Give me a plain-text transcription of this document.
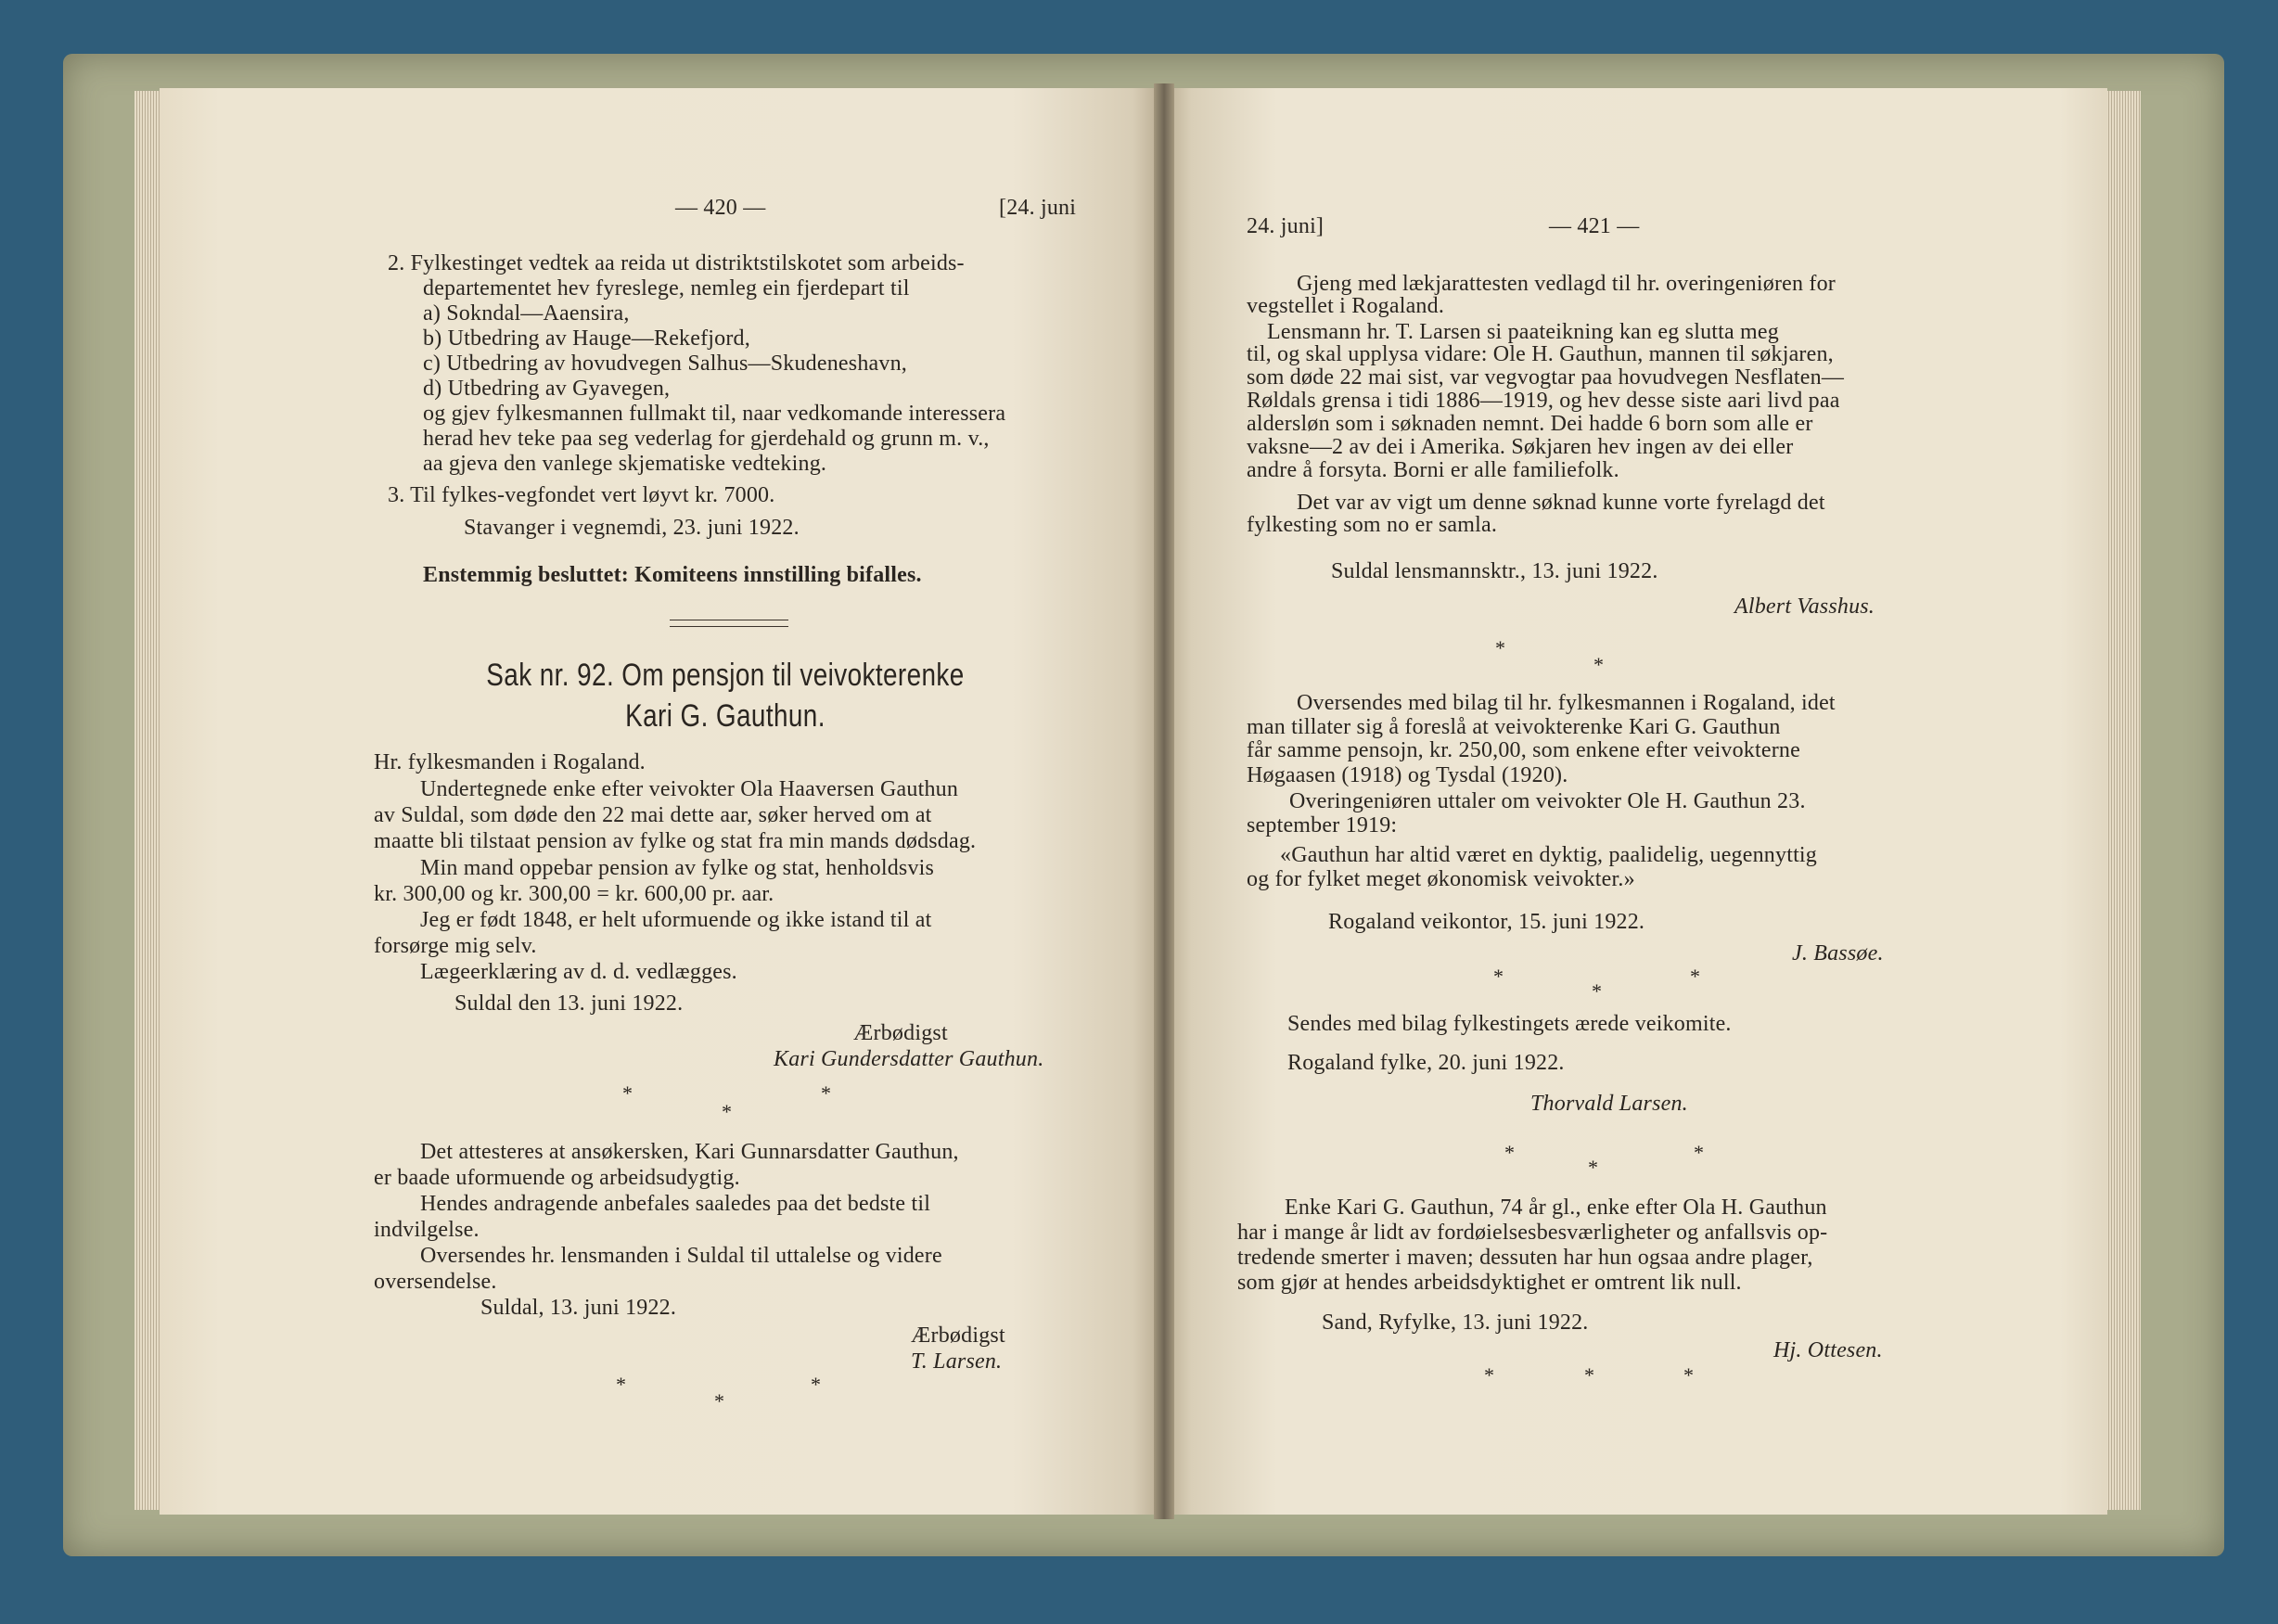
— 420 —	[24. juni
2. Fylkestinget vedtek aa reida ut distriktstilskotet som arbeids-
departementet hev fyreslege, nemleg ein fjerdepart til
a) Sokndal—Aaensira,
b) Utbedring av Hauge—Rekefjord,
c) Utbedring av hovudvegen Salhus—Skudeneshavn,
d) Utbedring av Gyavegen,
og gjev fylkesmannen fullmakt til, naar vedkomande interessera
herad hev teke paa seg vederlag for gjerdehald og grunn m. v.,
aa gjeva den vanlege skjematiske vedteking.
3. Til fylkes-vegfondet vert løyvt kr. 7000.
Stavanger i vegnemdi, 23. juni 1922.
Enstemmig besluttet: Komiteens innstilling bifalles.
Sak nr. 92. Om pensjon til veivokterenke
Kari G. Gauthun.
Hr. fylkesmanden i Rogaland.
Undertegnede enke efter veivokter Ola Haaversen Gauthun
av Suldal, som døde den 22 mai dette aar, søker herved om at
maatte bli tilstaat pension av fylke og stat fra min mands dødsdag.
Min mand oppebar pension av fylke og stat, henholdsvis
kr. 300,00 og kr. 300,00 = kr. 600,00 pr. aar.
Jeg er født 1848, er helt uformuende og ikke istand til at
forsørge mig selv.
Lægeerklæring av d. d. vedlægges.
Suldal den 13. juni 1922.
Ærbødigst
Kari Gundersdatter Gauthun.
*	*
*
Det attesteres at ansøkersken, Kari Gunnarsdatter Gauthun,
er baade uformuende og arbeidsudygtig.
Hendes andragende anbefales saaledes paa det bedste til
indvilgelse.
Oversendes hr. lensmanden i Suldal til uttalelse og videre
oversendelse.
Suldal, 13. juni 1922.
Ærbødigst
T. Larsen.
*	*
*
24. juni]	— 421 —
Gjeng med lækjarattesten vedlagd til hr. overingeniøren for
vegstellet i Rogaland.
Lensmann hr. T. Larsen si paateikning kan eg slutta meg
til, og skal upplysa vidare: Ole H. Gauthun, mannen til søkjaren,
som døde 22 mai sist, var vegvogtar paa hovudvegen Nesflaten—
Røldals grensa i tidi 1886—1919, og hev desse siste aari livd paa
aldersløn som i søknaden nemnt. Dei hadde 6 born som alle er
vaksne—2 av dei i Amerika. Søkjaren hev ingen av dei eller
andre å forsyta. Borni er alle familiefolk.
Det var av vigt um denne søknad kunne vorte fyrelagd det
fylkesting som no er samla.
Suldal lensmannsktr., 13. juni 1922.
Albert Vasshus.
*
*
Oversendes med bilag til hr. fylkesmannen i Rogaland, idet
man tillater sig å foreslå at veivokterenke Kari G. Gauthun
får samme pensojn, kr. 250,00, som enkene efter veivokterne
Høgaasen (1918) og Tysdal (1920).
Overingeniøren uttaler om veivokter Ole H. Gauthun 23.
september 1919:
«Gauthun har altid været en dyktig, paalidelig, uegennyttig
og for fylket meget økonomisk veivokter.»
Rogaland veikontor, 15. juni 1922.
J. Bassøe.
*	*
*
Sendes med bilag fylkestingets ærede veikomite.
Rogaland fylke, 20. juni 1922.
Thorvald Larsen.
*	*
*
Enke Kari G. Gauthun, 74 år gl., enke efter Ola H. Gauthun
har i mange år lidt av fordøielsesbesværligheter og anfallsvis op-
tredende smerter i maven; dessuten har hun ogsaa andre plager,
som gjør at hendes arbeidsdyktighet er omtrent lik null.
Sand, Ryfylke, 13. juni 1922.
Hj. Ottesen.
*	*	*
